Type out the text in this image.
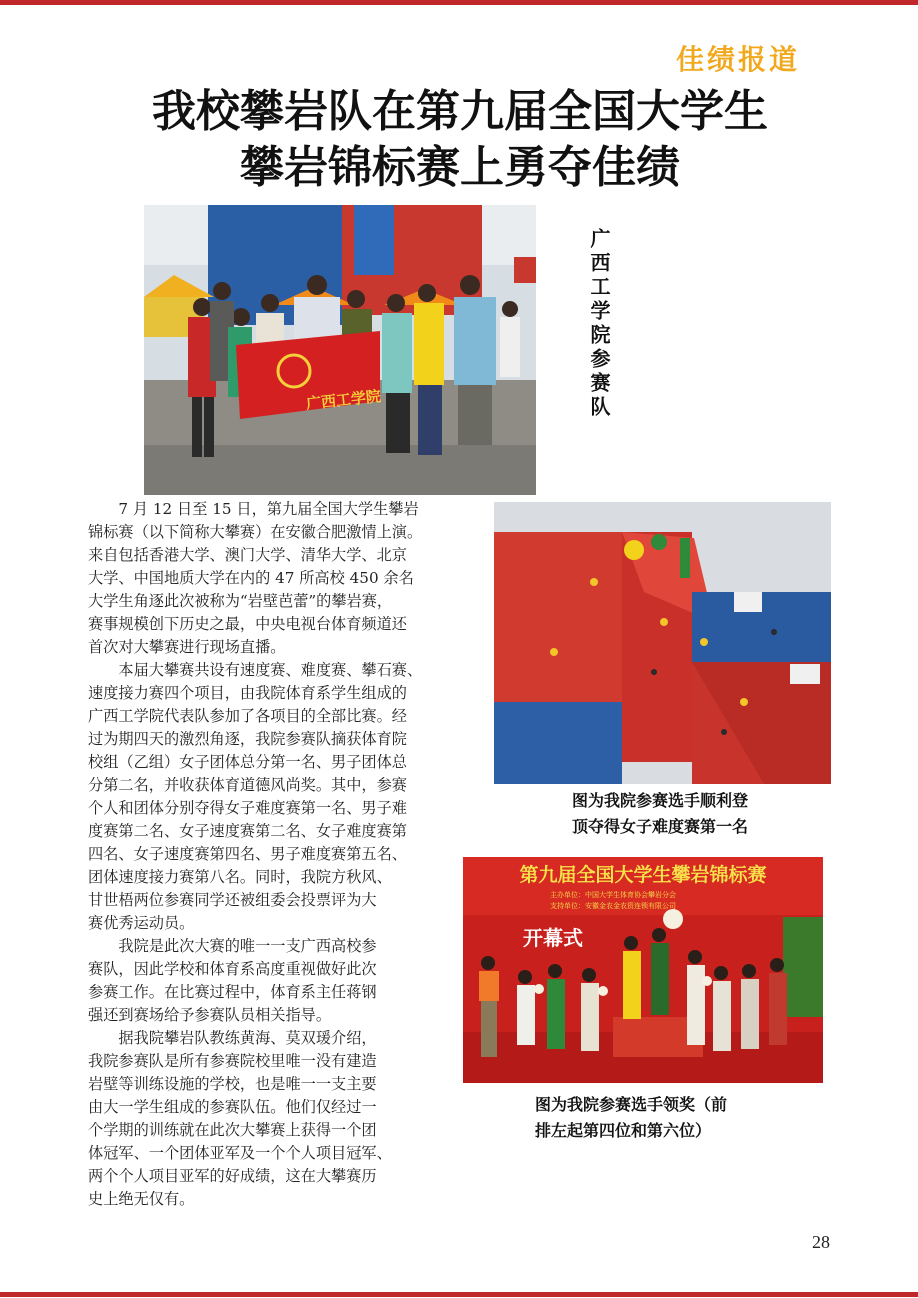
佳绩报道
我校攀岩队在第九届全国大学生
攀岩锦标赛上勇夺佳绩
广西工学院	广西工学院参赛队
图为我院参赛选手顺利登
顶夺得女子难度赛第一名
第九届全国大学生攀岩锦标赛
主办单位：中国大学生体育协会攀岩分会
支持单位：安徽金农金农资连锁有限公司
开幕式
图为我院参赛选手领奖（前
排左起第四位和第六位）
　　7 月 12 日至 15 日，第九届全国大学生攀岩
锦标赛（以下简称大攀赛）在安徽合肥激情上演。
来自包括香港大学、澳门大学、清华大学、北京
大学、中国地质大学在内的 47 所高校 450 余名
大学生角逐此次被称为“岩壁芭蕾”的攀岩赛，
赛事规模创下历史之最，中央电视台体育频道还
首次对大攀赛进行现场直播。
　　本届大攀赛共设有速度赛、难度赛、攀石赛、
速度接力赛四个项目，由我院体育系学生组成的
广西工学院代表队参加了各项目的全部比赛。经
过为期四天的激烈角逐，我院参赛队摘获体育院
校组（乙组）女子团体总分第一名、男子团体总
分第二名，并收获体育道德风尚奖。其中，参赛
个人和团体分别夺得女子难度赛第一名、男子难
度赛第二名、女子速度赛第二名、女子难度赛第
四名、女子速度赛第四名、男子难度赛第五名、
团体速度接力赛第八名。同时，我院方秋风、
甘世梧两位参赛同学还被组委会投票评为大
赛优秀运动员。
　　我院是此次大赛的唯一一支广西高校参
赛队，因此学校和体育系高度重视做好此次
参赛工作。在比赛过程中，体育系主任蒋钢
强还到赛场给予参赛队员相关指导。
　　据我院攀岩队教练黄海、莫双瑗介绍，
我院参赛队是所有参赛院校里唯一没有建造
岩壁等训练设施的学校，也是唯一一支主要
由大一学生组成的参赛队伍。他们仅经过一
个学期的训练就在此次大攀赛上获得一个团
体冠军、一个团体亚军及一个个人项目冠军、
两个个人项目亚军的好成绩，这在大攀赛历
史上绝无仅有。
28
